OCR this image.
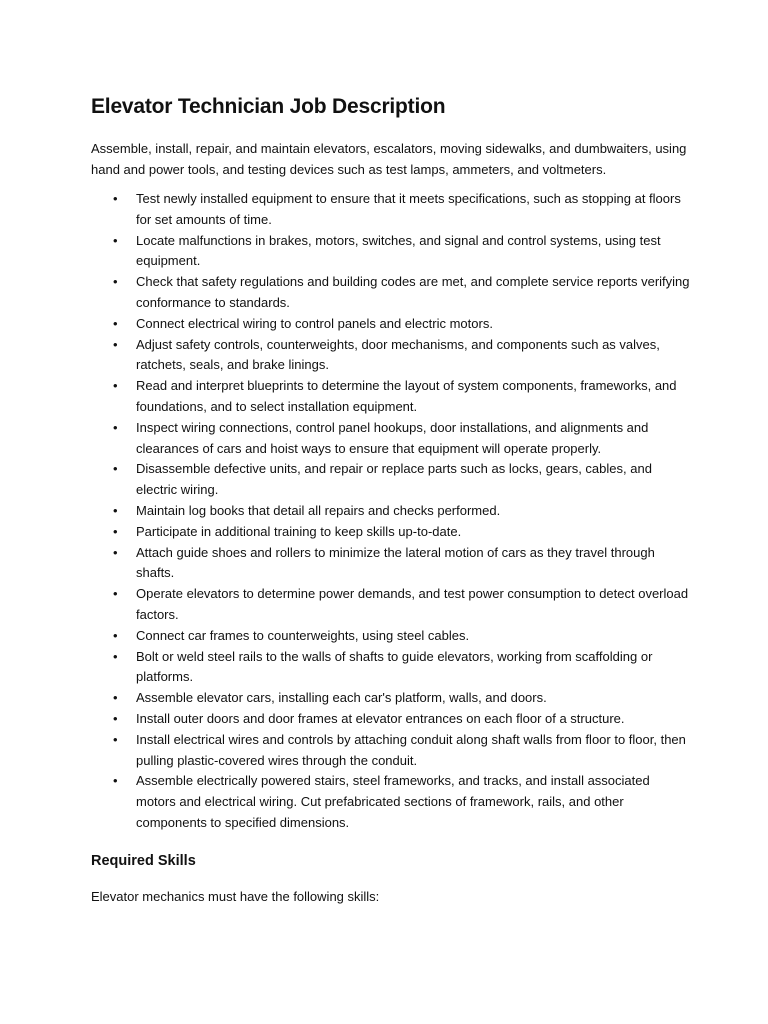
Elevator Technician Job Description

Assemble, install, repair, and maintain elevators, escalators, moving sidewalks, and dumbwaiters, using hand and power tools, and testing devices such as test lamps, ammeters, and voltmeters.

• Test newly installed equipment to ensure that it meets specifications, such as stopping at floors for set amounts of time.
• Locate malfunctions in brakes, motors, switches, and signal and control systems, using test equipment.
• Check that safety regulations and building codes are met, and complete service reports verifying conformance to standards.
• Connect electrical wiring to control panels and electric motors.
• Adjust safety controls, counterweights, door mechanisms, and components such as valves, ratchets, seals, and brake linings.
• Read and interpret blueprints to determine the layout of system components, frameworks, and foundations, and to select installation equipment.
• Inspect wiring connections, control panel hookups, door installations, and alignments and clearances of cars and hoist ways to ensure that equipment will operate properly.
• Disassemble defective units, and repair or replace parts such as locks, gears, cables, and electric wiring.
• Maintain log books that detail all repairs and checks performed.
• Participate in additional training to keep skills up-to-date.
• Attach guide shoes and rollers to minimize the lateral motion of cars as they travel through shafts.
• Operate elevators to determine power demands, and test power consumption to detect overload factors.
• Connect car frames to counterweights, using steel cables.
• Bolt or weld steel rails to the walls of shafts to guide elevators, working from scaffolding or platforms.
• Assemble elevator cars, installing each car's platform, walls, and doors.
• Install outer doors and door frames at elevator entrances on each floor of a structure.
• Install electrical wires and controls by attaching conduit along shaft walls from floor to floor, then pulling plastic-covered wires through the conduit.
• Assemble electrically powered stairs, steel frameworks, and tracks, and install associated motors and electrical wiring. Cut prefabricated sections of framework, rails, and other components to specified dimensions.
Required Skills

Elevator mechanics must have the following skills:
